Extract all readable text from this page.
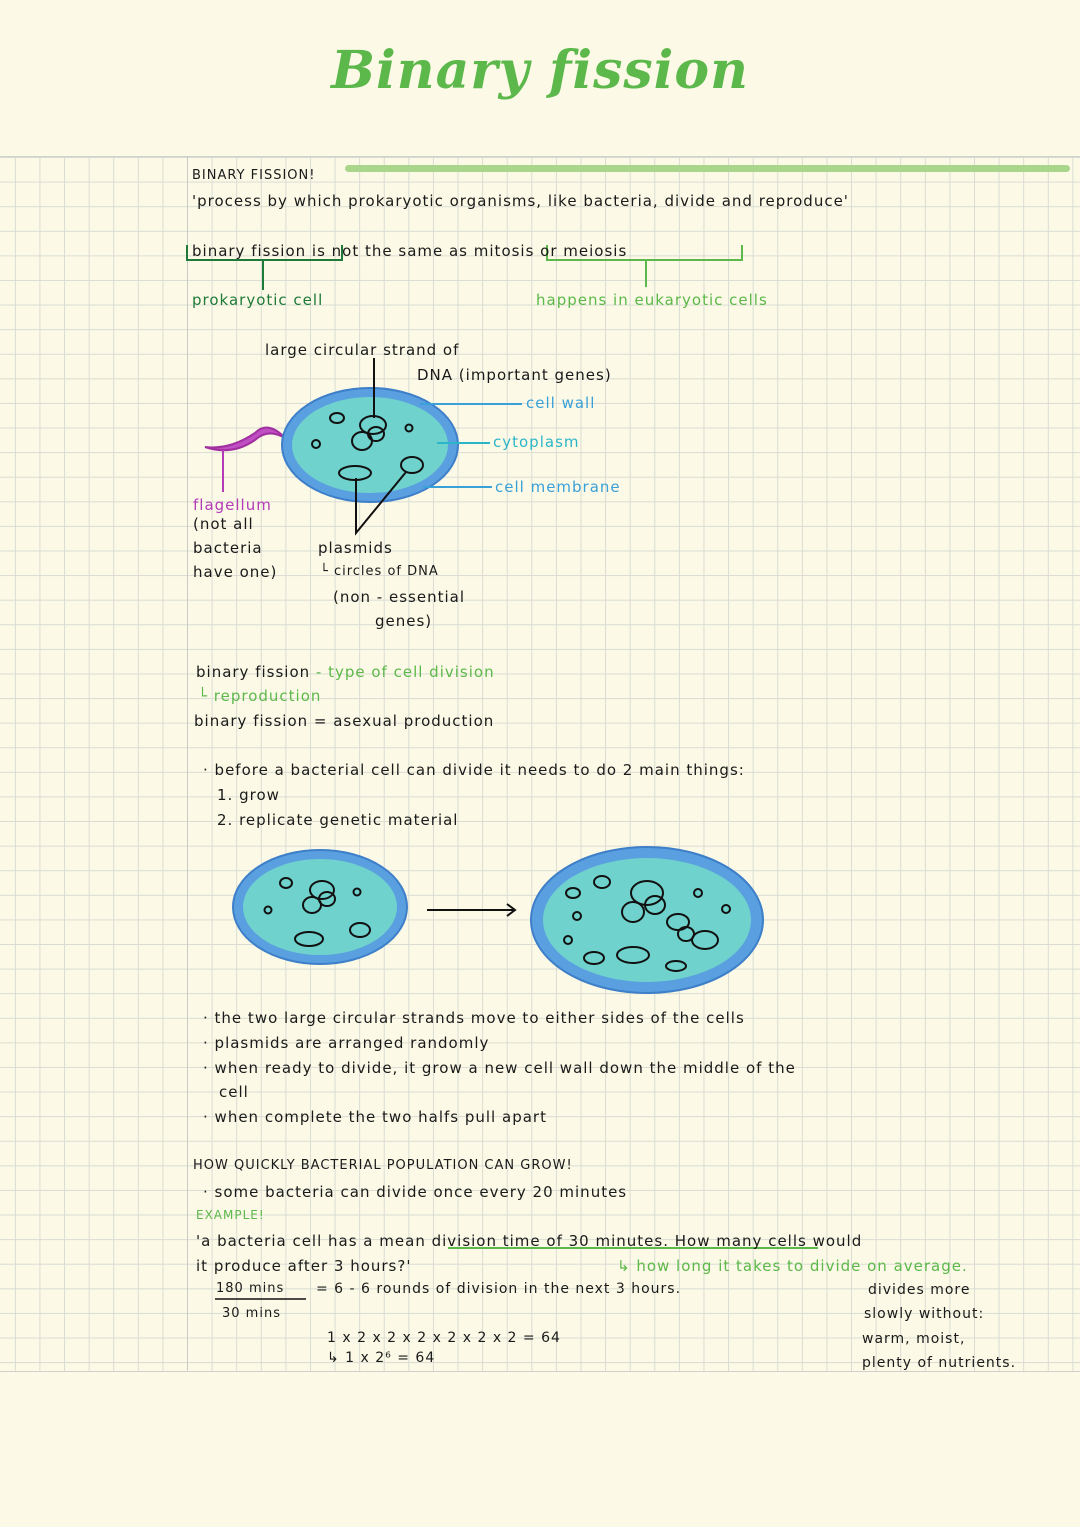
Binary fission
BINARY FISSION!
'process by which prokaryotic organisms, like bacteria, divide and reproduce'
binary fission is not the same as mitosis or meiosis
prokaryotic cell	happens in eukaryotic cells
large circular strand of
DNA (important genes)
cell wall
cytoplasm
cell membrane
flagellum
(not all
bacteria
have one)
plasmids
└ circles of DNA
(non - essential
genes)
binary fission - type of cell division
└ reproduction
binary fission = asexual production
· before a bacterial cell can divide it needs to do 2 main things:
1. grow
2. replicate genetic material
· the two large circular strands move to either sides of the cells
· plasmids are arranged randomly
· when ready to divide, it grow a new cell wall down the middle of the
cell
· when complete the two halfs pull apart
HOW QUICKLY BACTERIAL POPULATION CAN GROW!
· some bacteria can divide once every 20 minutes
EXAMPLE!
'a bacteria cell has a mean division time of 30 minutes. How many cells would
it produce after 3 hours?'	↳ how long it takes to divide on average.
180 mins
30 mins
= 6 - 6 rounds of division in the next 3 hours.
1 x 2 x 2 x 2 x 2 x 2 x 2 = 64
↳ 1 x 2⁶ = 64
divides more
slowly without:
warm, moist,
plenty of nutrients.
